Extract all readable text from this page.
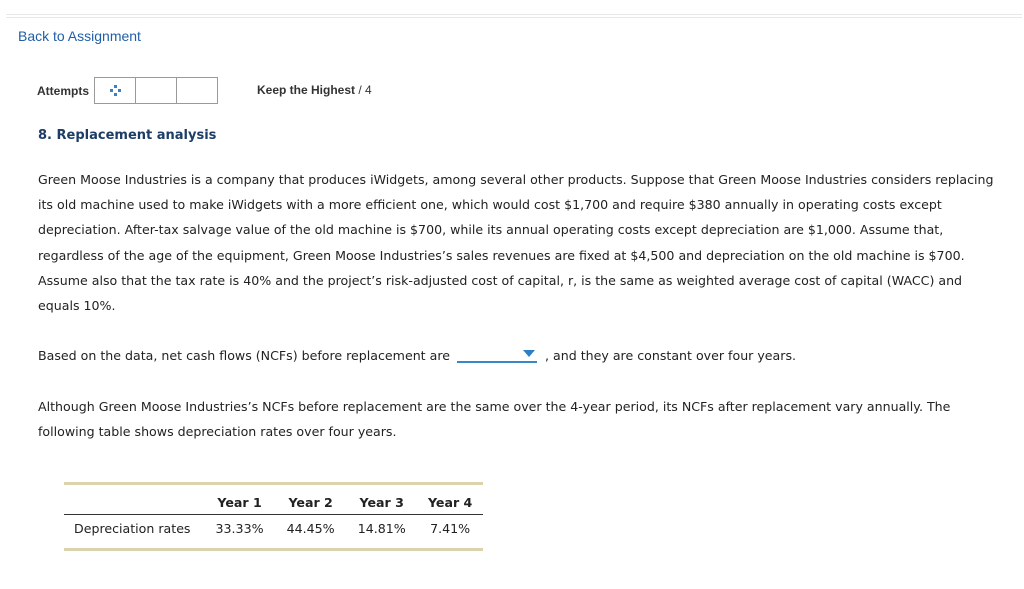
Back to Assignment
Attempts	Keep the Highest / 4
8. Replacement analysis

Green Moose Industries is a company that produces iWidgets, among several other products. Suppose that Green Moose Industries considers replacing its old machine used to make iWidgets with a more efficient one, which would cost $1,700 and require $380 annually in operating costs except depreciation. After-tax salvage value of the old machine is $700, while its annual operating costs except depreciation are $1,000. Assume that, regardless of the age of the equipment, Green Moose Industries’s sales revenues are fixed at $4,500 and depreciation on the old machine is $700. Assume also that the tax rate is 40% and the project’s risk-adjusted cost of capital, r, is the same as weighted average cost of capital (WACC) and equals 10%.

Based on the data, net cash flows (NCFs) before replacement are	, and they are constant over four years.

Although Green Moose Industries’s NCFs before replacement are the same over the 4-year period, its NCFs after replacement vary annually. The following table shows depreciation rates over four years.

	Year 1	Year 2	Year 3	Year 4
Depreciation rates	33.33%	44.45%	14.81%	7.41%
